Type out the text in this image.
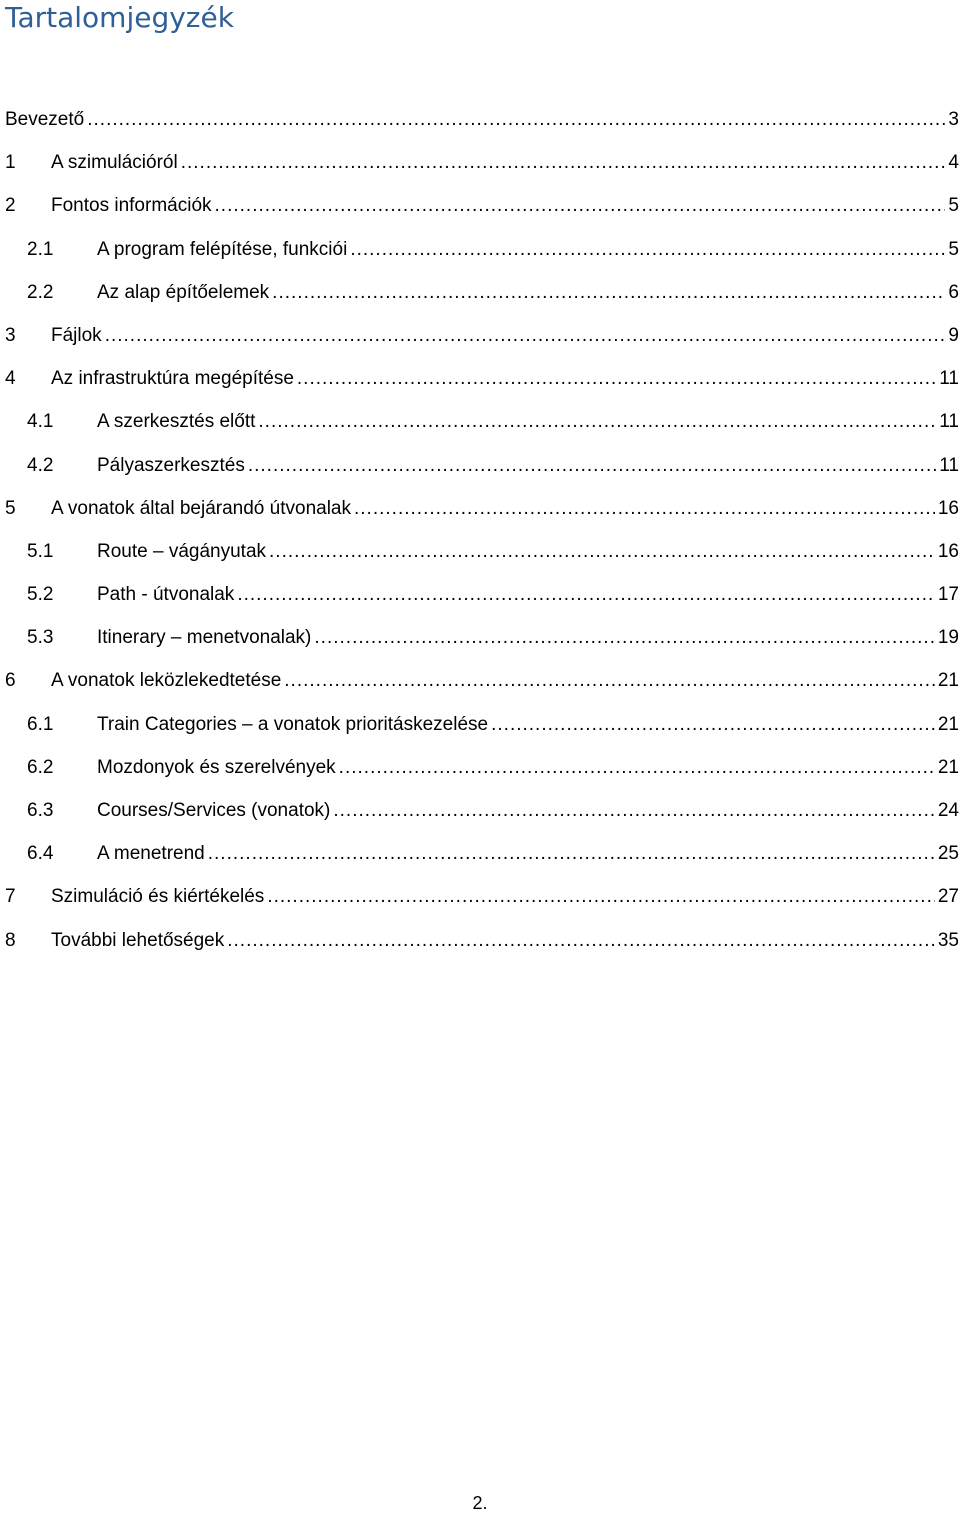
Tartalomjegyzék
Bevezető .....	3
1	A szimulációról .....	4
2	Fontos információk .....	5
2.1	A program felépítése, funkciói .....	5
2.2	Az alap építőelemek .....	6
3	Fájlok .....	9
4	Az infrastruktúra megépítése .....	11
4.1	A szerkesztés előtt .....	11
4.2	Pályaszerkesztés .....	11
5	A vonatok által bejárandó útvonalak .....	16
5.1	Route – vágányutak .....	16
5.2	Path - útvonalak .....	17
5.3	Itinerary – menetvonalak) .....	19
6	A vonatok leközlekedtetése .....	21
6.1	Train Categories – a vonatok prioritáskezelése .....	21
6.2	Mozdonyok és szerelvények .....	21
6.3	Courses/Services (vonatok) .....	24
6.4	A menetrend .....	25
7	Szimuláció és kiértékelés .....	27
8	További lehetőségek .....	35
2.
